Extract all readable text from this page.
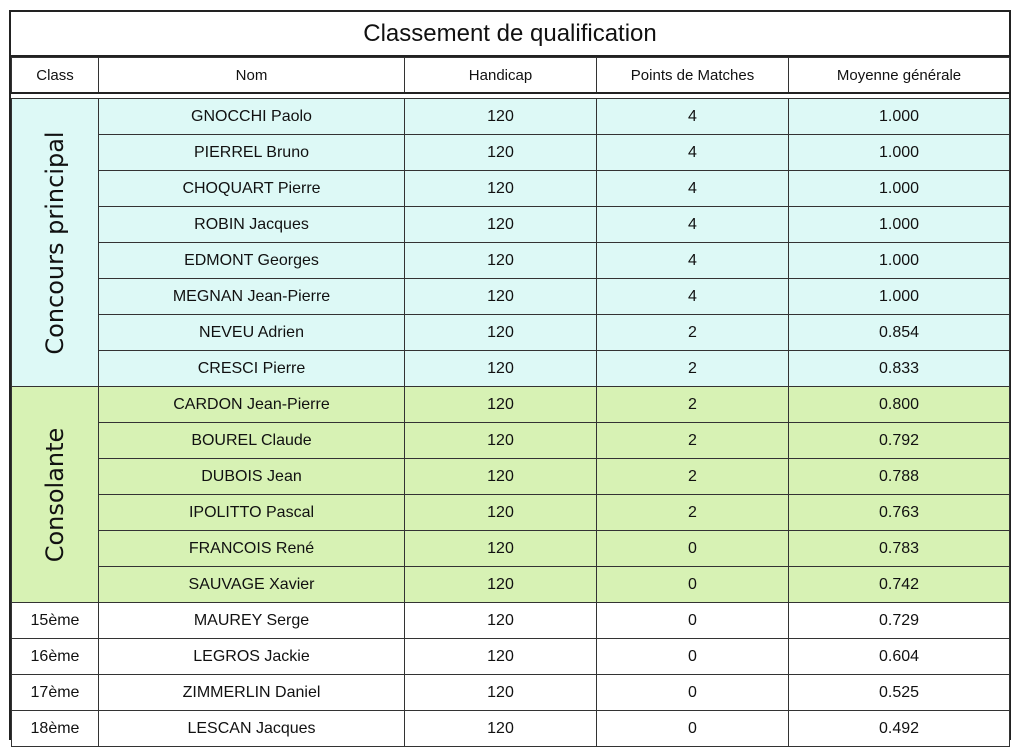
Classement de qualification
Class	Nom	Handicap	Points de Matches	Moyenne générale

Concours principal	GNOCCHI Paolo	120	4	1.000
	PIERREL Bruno	120	4	1.000
	CHOQUART Pierre	120	4	1.000
	ROBIN Jacques	120	4	1.000
	EDMONT Georges	120	4	1.000
	MEGNAN Jean-Pierre	120	4	1.000
	NEVEU Adrien	120	2	0.854
	CRESCI Pierre	120	2	0.833

Consolante	CARDON Jean-Pierre	120	2	0.800
	BOUREL Claude	120	2	0.792
	DUBOIS Jean	120	2	0.788
	IPOLITTO Pascal	120	2	0.763
	FRANCOIS René	120	0	0.783
	SAUVAGE Xavier	120	0	0.742
15ème	MAUREY Serge	120	0	0.729
16ème	LEGROS Jackie	120	0	0.604
17ème	ZIMMERLIN Daniel	120	0	0.525
18ème	LESCAN Jacques	120	0	0.492
